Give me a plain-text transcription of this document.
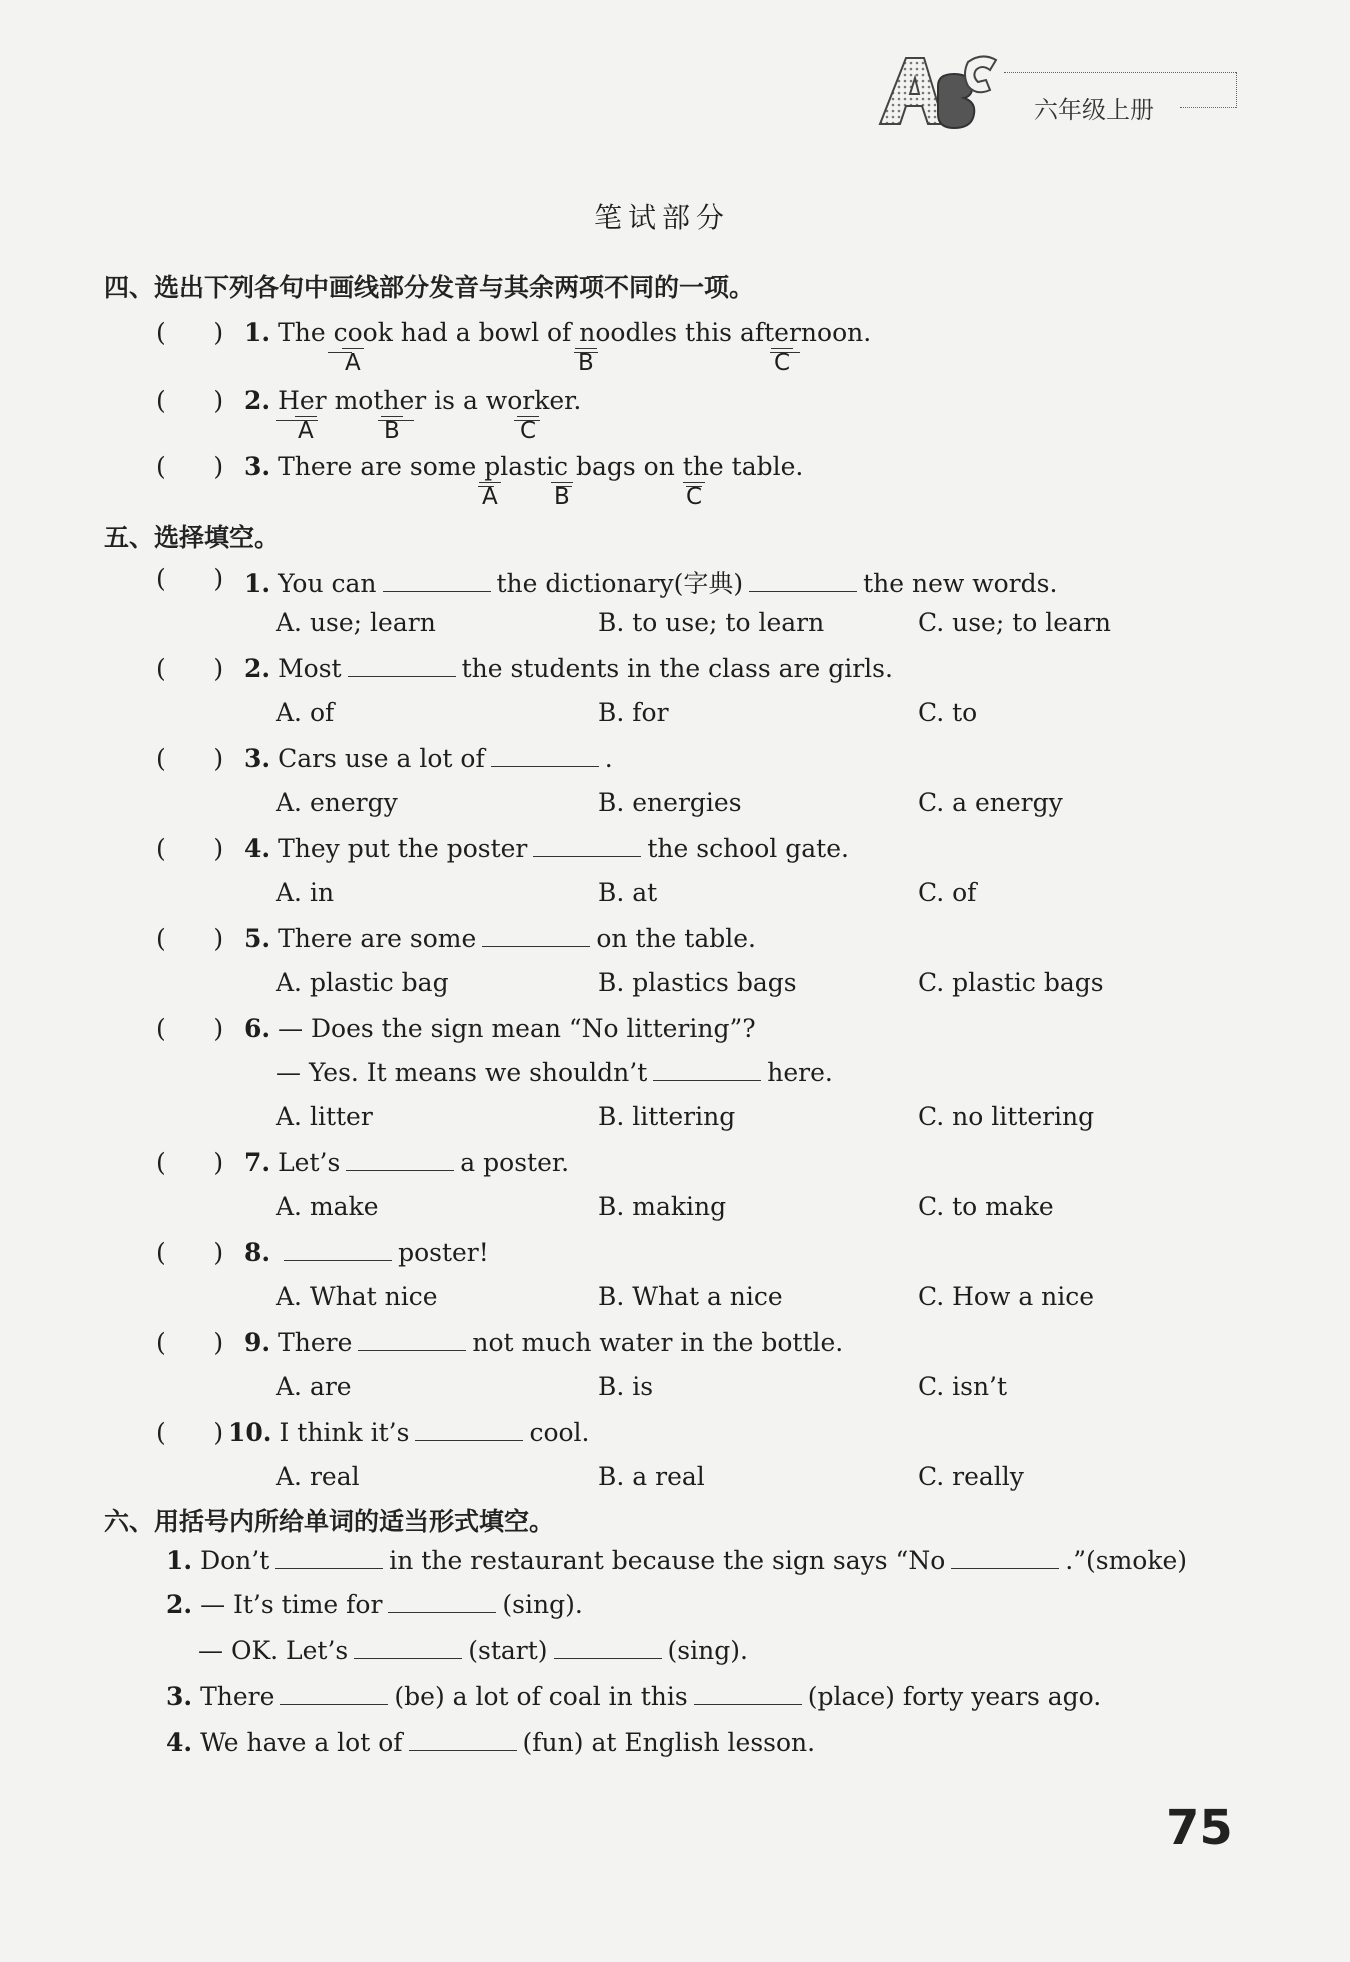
六年级上册
笔试部分
四、选出下列各句中画线部分发音与其余两项不同的一项。
(      ) 1. The cook had a bowl of noodles this afternoon.
A	B	C
(      ) 2. Her mother is a worker.
A	B	C
(      ) 3. There are some plastic bags on the table.
A B	C
五、选择填空。
(      ) 1. You can	the dictionary(字典)	the new words.
A. use; learn	B. to use; to learn	C. use; to learn
(      ) 2. Most	the students in the class are girls.
A. of	B. for	C. to
(      ) 3. Cars use a lot of	.
A. energy	B. energies	C. a energy
(      ) 4. They put the poster	the school gate.
A. in	B. at	C. of
(      ) 5. There are some	on the table.
A. plastic bag	B. plastics bags	C. plastic bags
(      ) 6. — Does the sign mean “No littering”?
— Yes. It means we shouldn’t	here.
A. litter	B. littering	C. no littering
(      ) 7. Let’s	a poster.
A. make	B. making	C. to make
(      ) 8.	poster!
A. What nice	B. What a nice	C. How a nice
(      ) 9. There	not much water in the bottle.
A. are	B. is	C. isn’t
(      ) 10. I think it’s	cool.
A. real	B. a real	C. really
六、用括号内所给单词的适当形式填空。
1. Don’t	in the restaurant because the sign says “No	.”(smoke)
2. — It’s time for	(sing).
— OK. Let’s	(start)	(sing).
3. There	(be) a lot of coal in this	(place) forty years ago.
4. We have a lot of	(fun) at English lesson.
75
